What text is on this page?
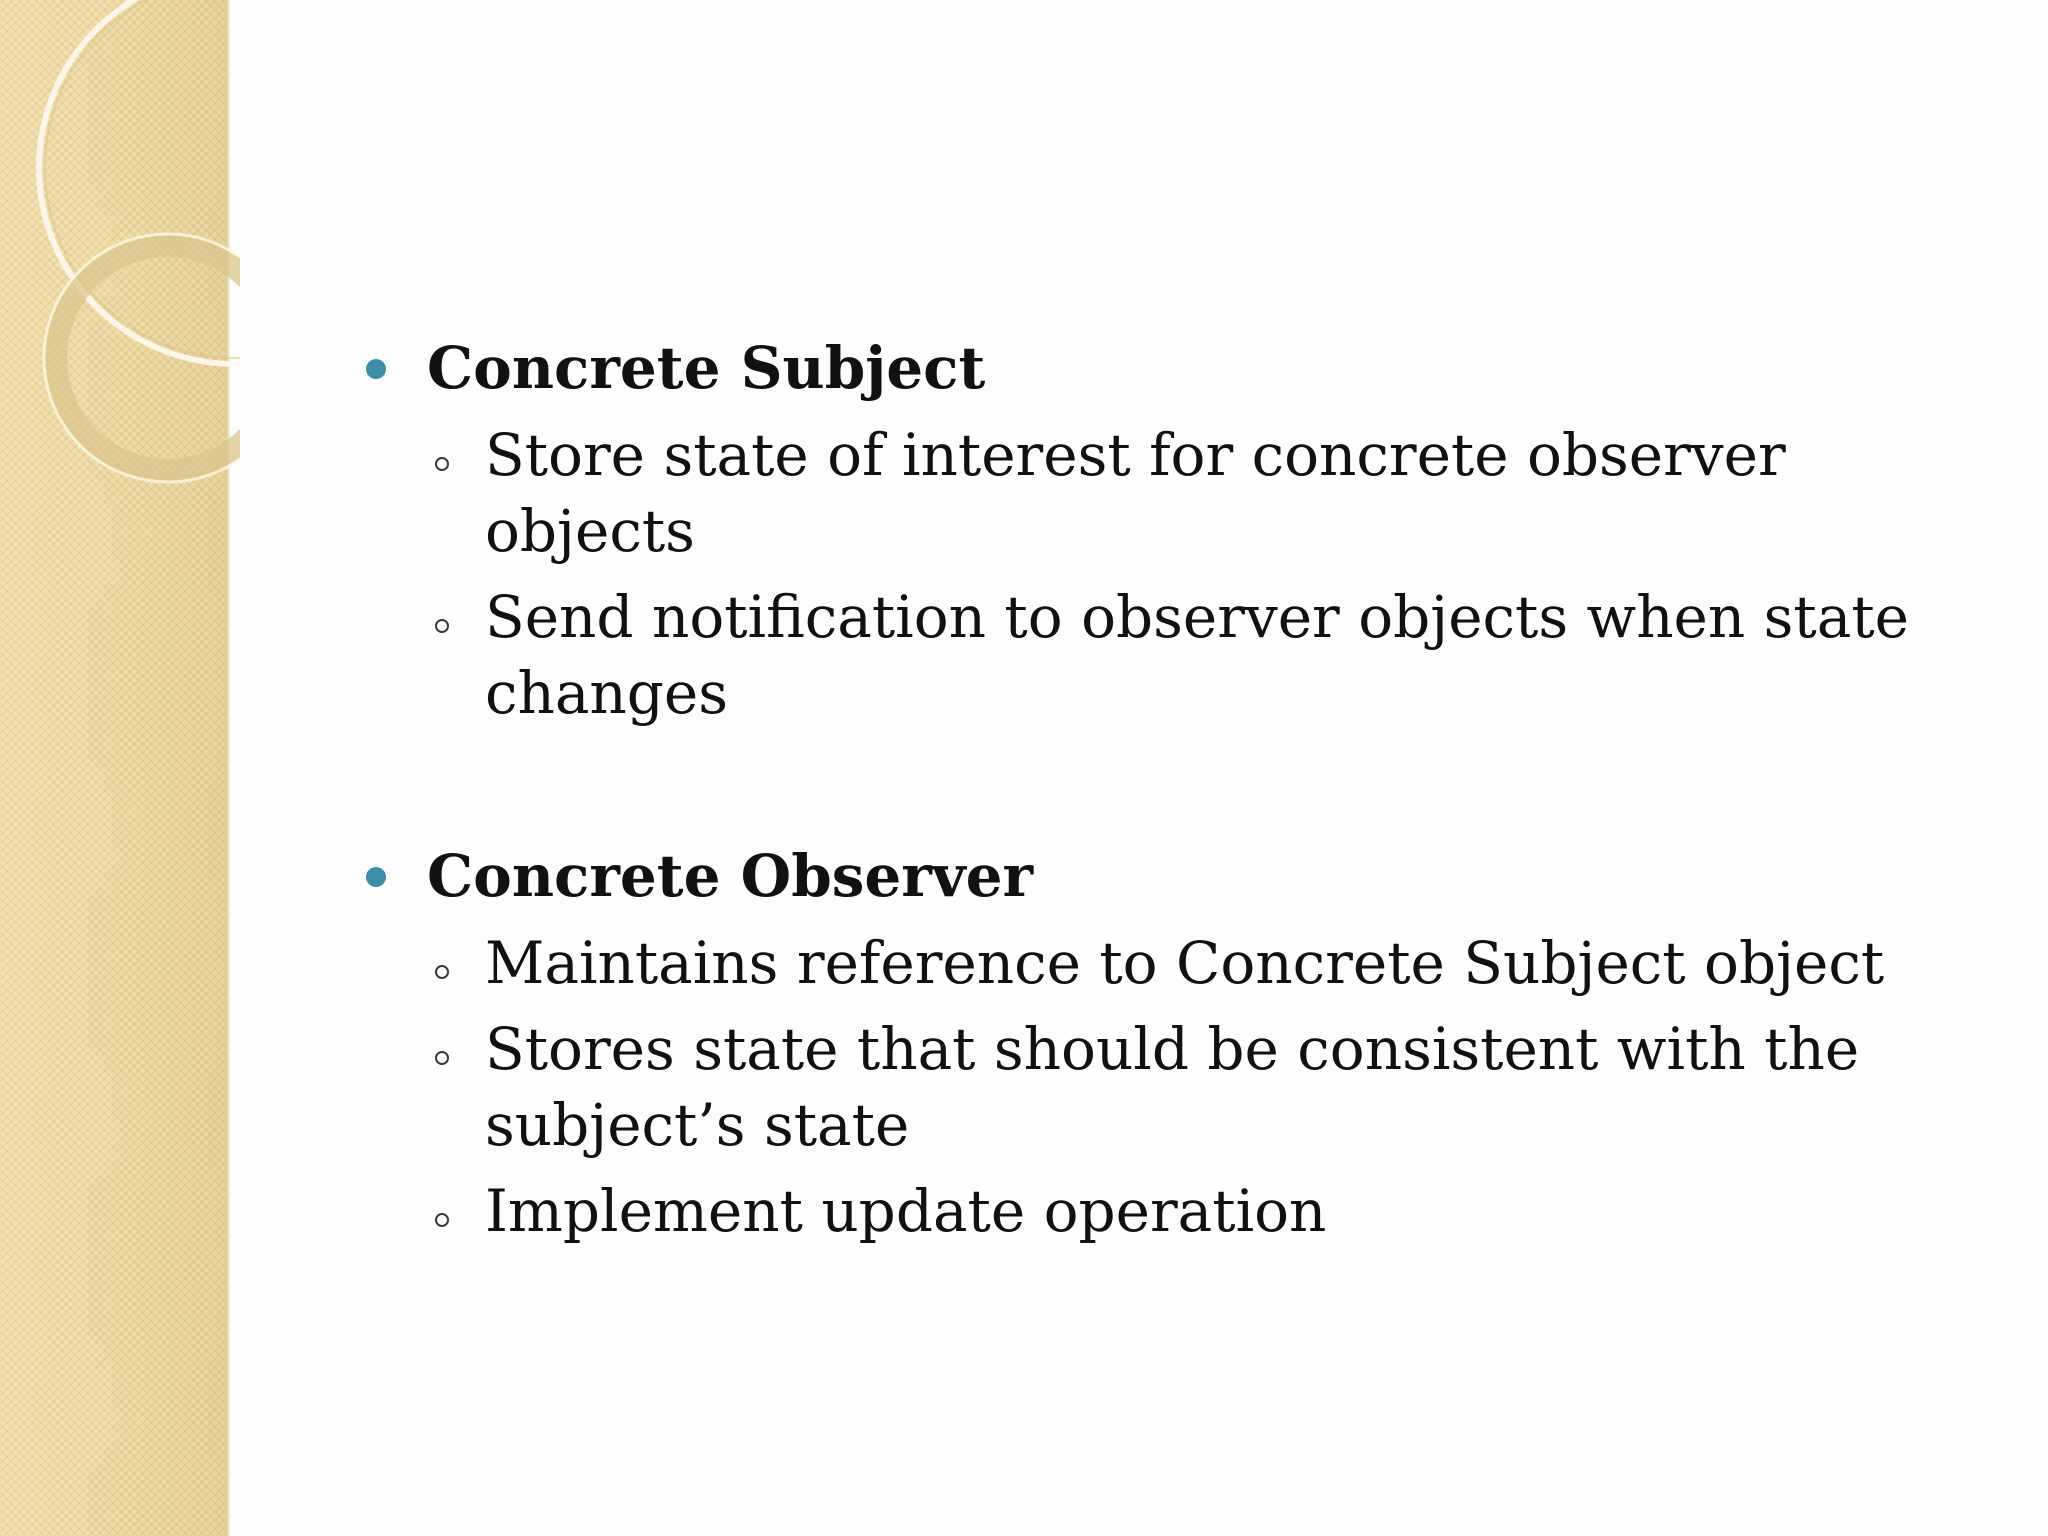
Concrete Subject
Store state of interest for concrete observer objects
Send notification to observer objects when state changes
Concrete Observer
Maintains reference to Concrete Subject object
Stores state that should be consistent with the subject’s state
Implement update operation
